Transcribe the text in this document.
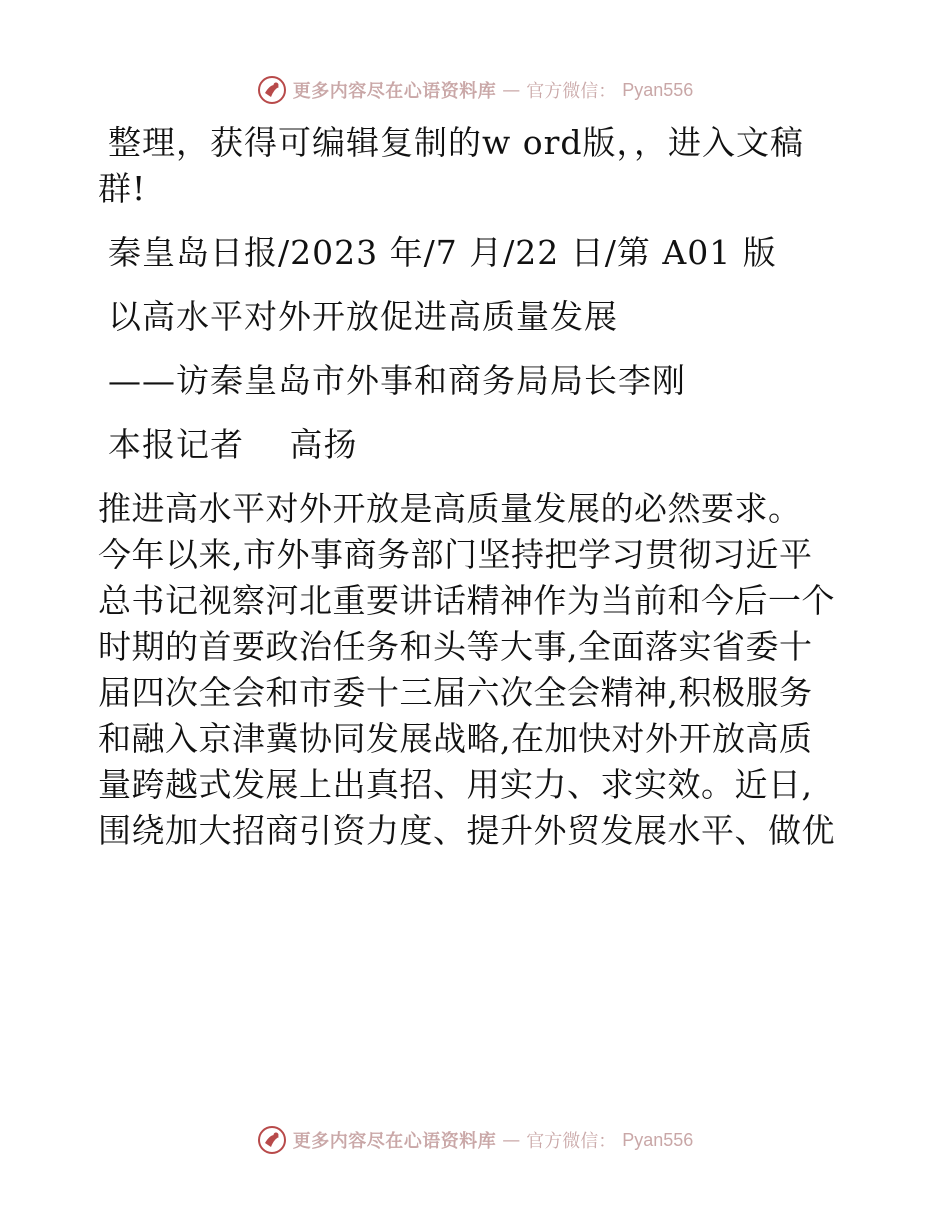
更多内容尽在心语资料库 — 官方微信： Pyan556
整理，获得可编辑复制的w ord版，，进入文稿
群!
秦皇岛日报/2023 年/7 月/22 日/第 A01 版
以高水平对外开放促进高质量发展
——访秦皇岛市外事和商务局局长李刚
本报记者　 高扬
推进高水平对外开放是高质量发展的必然要求。
今年以来,市外事商务部门坚持把学习贯彻习近平
总书记视察河北重要讲话精神作为当前和今后一个
时期的首要政治任务和头等大事,全面落实省委十
届四次全会和市委十三届六次全会精神,积极服务
和融入京津冀协同发展战略,在加快对外开放高质
量跨越式发展上出真招、用实力、求实效。近日,
围绕加大招商引资力度、提升外贸发展水平、做优
更多内容尽在心语资料库 — 官方微信： Pyan556
